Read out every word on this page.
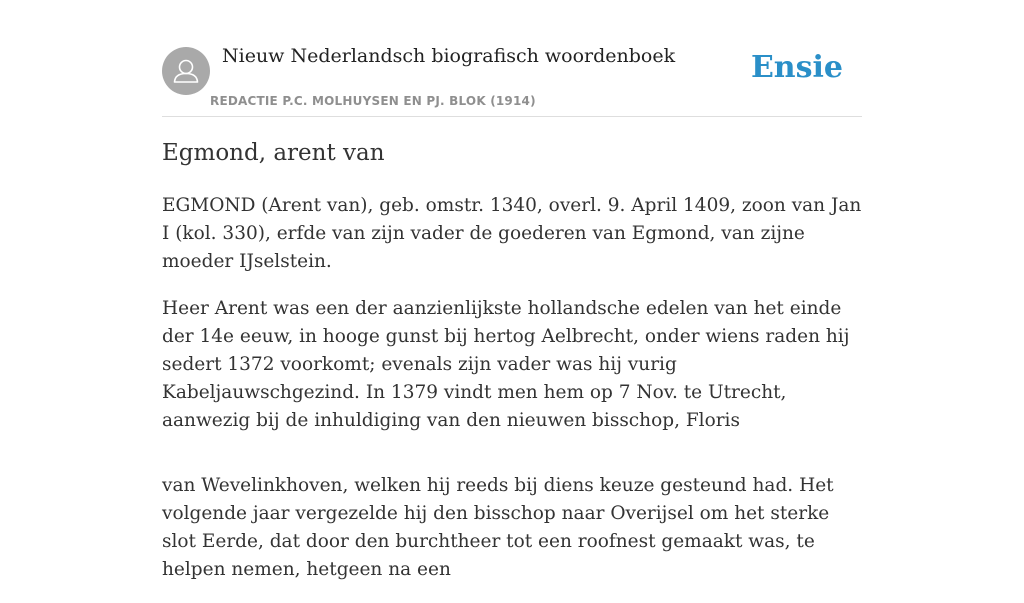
Nieuw Nederlandsch biografisch woordenboek
REDACTIE P.C. MOLHUYSEN EN PJ. BLOK (1914)
Ensie
Egmond, arent van

EGMOND (Arent van), geb. omstr. 1340, overl. 9. April 1409, zoon van Jan I (kol. 330), erfde van zijn vader de goederen van Egmond, van zijne moeder IJselstein.

Heer Arent was een der aanzienlijkste hollandsche edelen van het einde der 14e eeuw, in hooge gunst bij hertog Aelbrecht, onder wiens raden hij sedert 1372 voorkomt; evenals zijn vader was hij vurig Kabeljauwschgezind. In 1379 vindt men hem op 7 Nov. te Utrecht, aanwezig bij de inhuldiging van den nieuwen bisschop, Floris

van Wevelinkhoven, welken hij reeds bij diens keuze gesteund had. Het volgende jaar vergezelde hij den bisschop naar Overijsel om het sterke slot Eerde, dat door den burchtheer tot een roofnest gemaakt was, te helpen nemen, hetgeen na een
